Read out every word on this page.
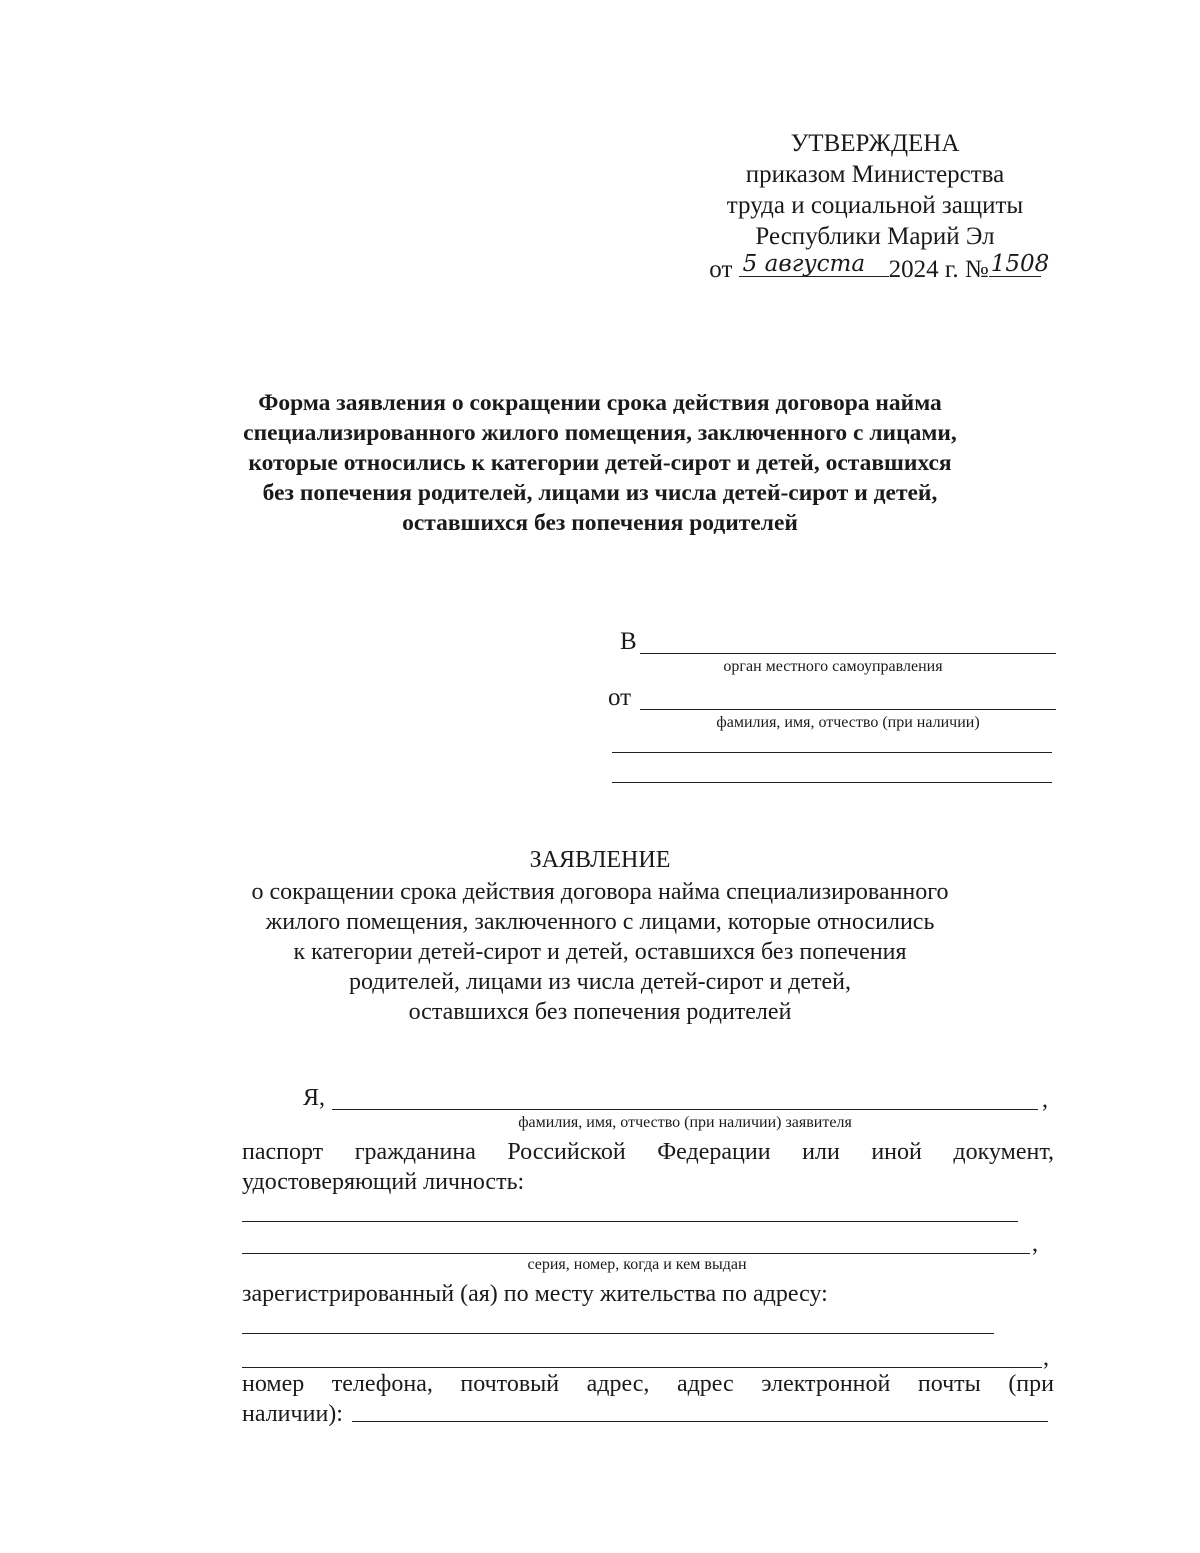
УТВЕРЖДЕНА
приказом Министерства
труда и социальной защиты
Республики Марий Эл
от 5 августа 2024 г. № 1508
Форма заявления о сокращении срока действия договора найма
специализированного жилого помещения, заключенного с лицами,
которые относились к категории детей-сирот и детей, оставшихся
без попечения родителей, лицами из числа детей-сирот и детей,
оставшихся без попечения родителей
В
орган местного самоуправления
от
фамилия, имя, отчество (при наличии)
ЗАЯВЛЕНИЕ
о сокращении срока действия договора найма специализированного
жилого помещения, заключенного с лицами, которые относились
к категории детей-сирот и детей, оставшихся без попечения
родителей, лицами из числа детей-сирот и детей,
оставшихся без попечения родителей
Я,	,
фамилия, имя, отчество (при наличии) заявителя
паспорт гражданина Российской Федерации или иной документ,
удостоверяющий личность:
,
серия, номер, когда и кем выдан
зарегистрированный (ая) по месту жительства по адресу:
,
номер телефона, почтовый адрес, адрес электронной почты (при
наличии):
